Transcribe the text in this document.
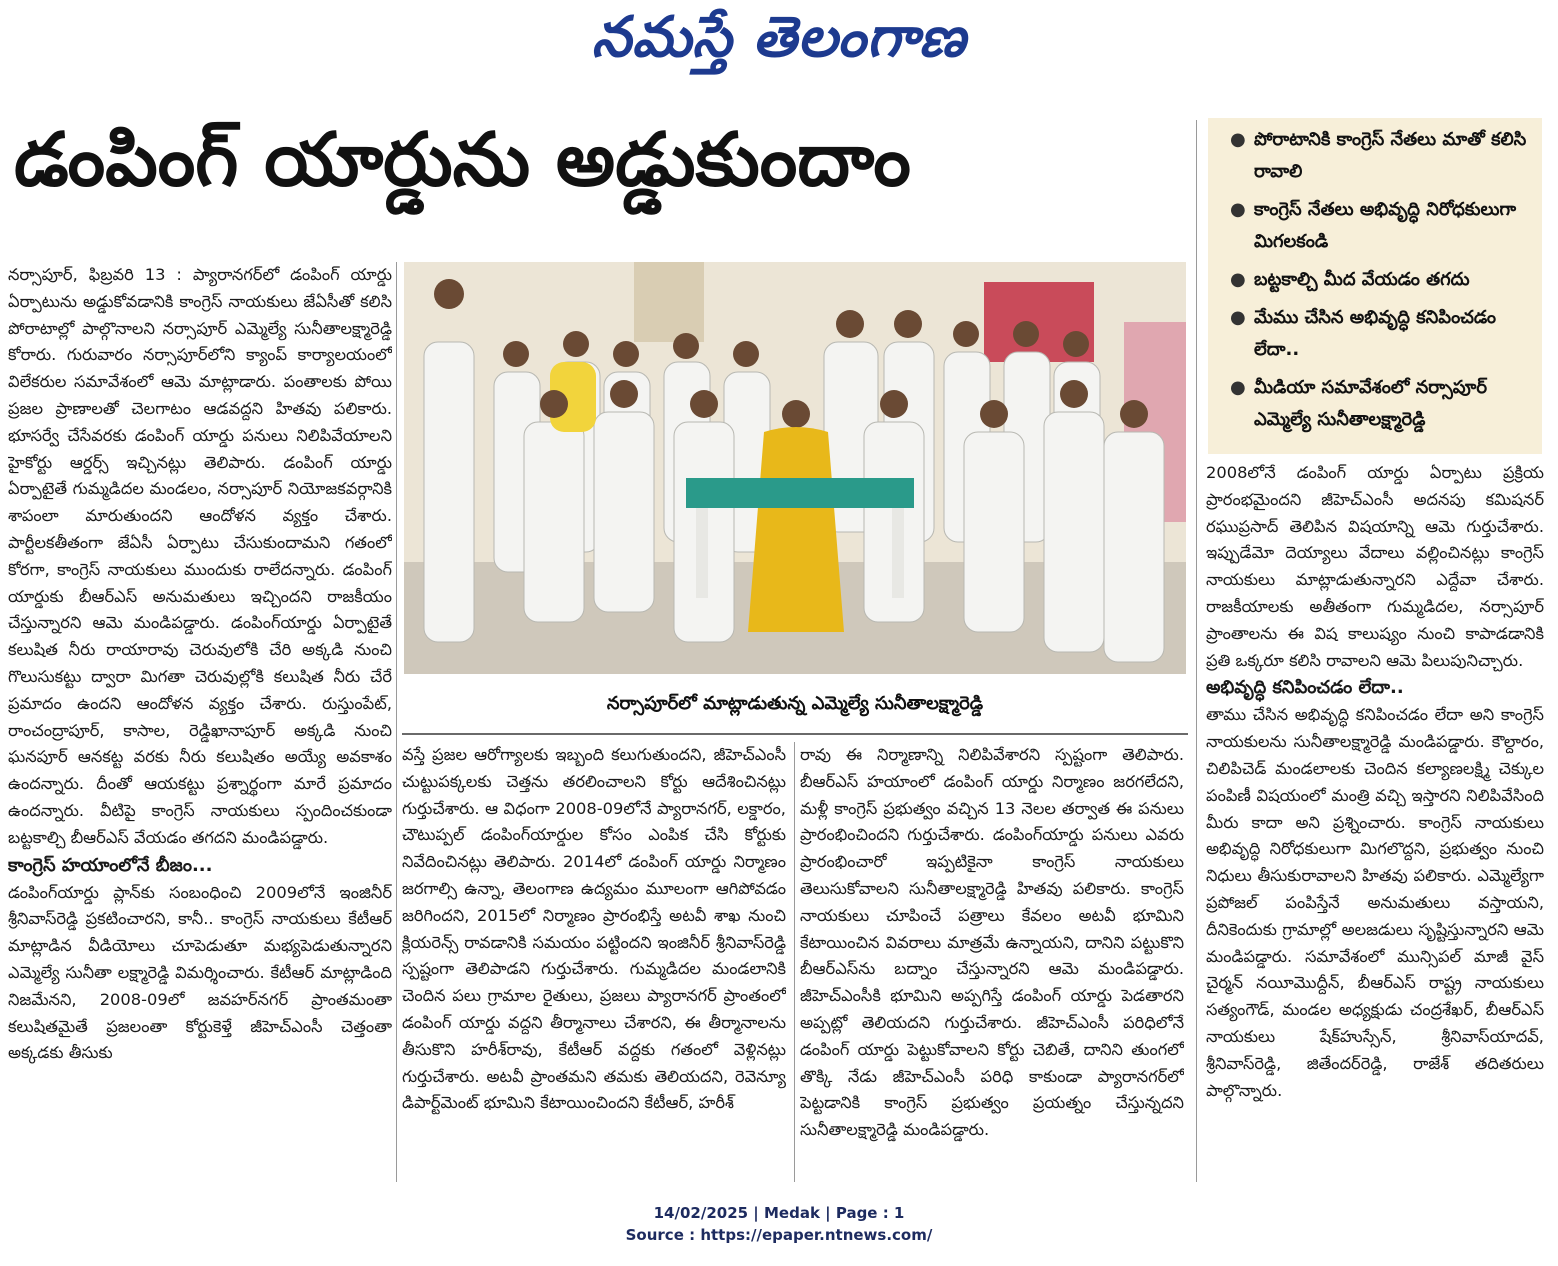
నమస్తే తెలంగాణ
డంపింగ్ యార్డును అడ్డుకుందాం	● పోరాటానికి కాంగ్రెస్ నేతలు మాతో కలిసి రావాలి
● కాంగ్రెస్ నేతలు అభివృద్ధి నిరోధకులుగా మిగలకండి
● బట్టకాల్చి మీద వేయడం తగదు
● మేము చేసిన అభివృద్ధి కనిపించడం లేదా..
● మీడియా సమావేశంలో నర్సాపూర్ ఎమ్మెల్యే సునీతాలక్ష్మారెడ్డి

నర్సాపూర్, ఫిబ్రవరి 13 : ప్యారానగర్‌లో డంపింగ్ యార్డు ఏర్పాటును అడ్డుకోవడానికి కాంగ్రెస్ నాయకులు జేఏసీతో కలిసి పోరాటాల్లో పాల్గొనాలని నర్సాపూర్ ఎమ్మెల్యే సునీతాలక్ష్మారెడ్డి కోరారు. గురువారం నర్సాపూర్‌లోని క్యాంప్ కార్యాలయంలో విలేకరుల సమావేశంలో ఆమె మాట్లాడారు. పంతాలకు పోయి ప్రజల ప్రాణాలతో చెలగాటం ఆడవద్దని హితవు పలికారు. భూసర్వే చేసేవరకు డంపింగ్ యార్డు పనులు నిలిపివేయాలని హైకోర్టు ఆర్డర్స్ ఇచ్చినట్లు తెలిపారు. డంపింగ్ యార్డు ఏర్పాటైతే గుమ్మడిదల మండలం, నర్సాపూర్ నియోజకవర్గానికి శాపంలా మారుతుందని ఆందోళన వ్యక్తం చేశారు. పార్టీలకతీతంగా జేఏసీ ఏర్పాటు చేసుకుందామని గతంలో కోరగా, కాంగ్రెస్ నాయకులు ముందుకు రాలేదన్నారు. డంపింగ్ యార్డుకు బీఆర్ఎస్ అనుమతులు ఇచ్చిందని రాజకీయం చేస్తున్నారని ఆమె మండిపడ్డారు. డంపింగ్‌యార్డు ఏర్పాటైతే కలుషిత నీరు రాయారావు చెరువులోకి చేరి అక్కడి నుంచి గొలుసుకట్టు ద్వారా మిగతా చెరువుల్లోకి కలుషిత నీరు చేరే ప్రమాదం ఉందని ఆందోళన వ్యక్తం చేశారు. రుస్తుంపేట్, రాంచంద్రాపూర్, కాసాల, రెడ్డిఖానాపూర్ అక్కడి నుంచి ఘనపూర్ ఆనకట్ట వరకు నీరు కలుషితం అయ్యే అవకాశం ఉందన్నారు. దీంతో ఆయకట్టు ప్రశ్నార్థంగా మారే ప్రమాదం ఉందన్నారు. వీటిపై కాంగ్రెస్ నాయకులు స్పందించకుండా బట్టకాల్చి బీఆర్ఎస్ వేయడం తగదని మండిపడ్డారు.

కాంగ్రెస్ హయాంలోనే బీజం...

డంపింగ్‌యార్డు ప్లాన్‌కు సంబంధించి 2009లోనే ఇంజినీర్ శ్రీనివాస్‌రెడ్డి ప్రకటించారని, కానీ.. కాంగ్రెస్ నాయకులు కేటీఆర్ మాట్లాడిన వీడియోలు చూపెడుతూ మభ్యపెడుతున్నారని ఎమ్మెల్యే సునీతా లక్ష్మారెడ్డి విమర్శించారు. కేటీఆర్ మాట్లాడింది నిజమేనని, 2008-09లో జవహర్‌నగర్ ప్రాంతమంతా కలుషితమైతే ప్రజలంతా కోర్టుకెళ్తే జీహెచ్‌ఎంసీ చెత్తంతా అక్కడకు తీసుకు

నర్సాపూర్‌లో మాట్లాడుతున్న ఎమ్మెల్యే సునీతాలక్ష్మారెడ్డి

వస్తే ప్రజల ఆరోగ్యాలకు ఇబ్బంది కలుగుతుందని, జీహెచ్‌ఎంసీ చుట్టుపక్కలకు చెత్తను తరలించాలని కోర్టు ఆదేశించినట్లు గుర్తుచేశారు. ఆ విధంగా 2008-09లోనే ప్యారానగర్, లక్డారం, చౌటుప్పల్ డంపింగ్‌యార్డుల కోసం ఎంపిక చేసి కోర్టుకు నివేదించినట్లు తెలిపారు. 2014లో డంపింగ్ యార్డు నిర్మాణం జరగాల్సి ఉన్నా, తెలంగాణ ఉద్యమం మూలంగా ఆగిపోవడం జరిగిందని, 2015లో నిర్మాణం ప్రారంభిస్తే అటవీ శాఖ నుంచి క్లియరెన్స్ రావడానికి సమయం పట్టిందని ఇంజినీర్ శ్రీనివాస్‌రెడ్డి స్పష్టంగా తెలిపాడని గుర్తుచేశారు. గుమ్మడిదల మండలానికి చెందిన పలు గ్రామాల రైతులు, ప్రజలు ప్యారానగర్ ప్రాంతంలో డంపింగ్ యార్డు వద్దని తీర్మానాలు చేశారని, ఈ తీర్మానాలను తీసుకొని హరీశ్‌రావు, కేటీఆర్ వద్దకు గతంలో వెళ్లినట్లు గుర్తుచేశారు. అటవీ ప్రాంతమని తమకు తెలియదని, రెవెన్యూ డిపార్ట్‌మెంట్ భూమిని కేటాయించిందని కేటీఆర్, హరీశ్

రావు ఈ నిర్మాణాన్ని నిలిపివేశారని స్పష్టంగా తెలిపారు. బీఆర్ఎస్ హయాంలో డంపింగ్ యార్డు నిర్మాణం జరగలేదని, మళ్లీ కాంగ్రెస్ ప్రభుత్వం వచ్చిన 13 నెలల తర్వాత ఈ పనులు ప్రారంభించిందని గుర్తుచేశారు. డంపింగ్‌యార్డు పనులు ఎవరు ప్రారంభించారో ఇప్పటికైనా కాంగ్రెస్ నాయకులు తెలుసుకోవాలని సునీతాలక్ష్మారెడ్డి హితవు పలికారు. కాంగ్రెస్ నాయకులు చూపించే పత్రాలు కేవలం అటవీ భూమిని కేటాయించిన వివరాలు మాత్రమే ఉన్నాయని, దానిని పట్టుకొని బీఆర్ఎస్‌ను బద్నాం చేస్తున్నారని ఆమె మండిపడ్డారు. జీహెచ్‌ఎంసీకి భూమిని అప్పగిస్తే డంపింగ్ యార్డు పెడతారని అప్పట్లో తెలియదని గుర్తుచేశారు. జీహెచ్‌ఎంసీ పరిధిలోనే డంపింగ్ యార్డు పెట్టుకోవాలని కోర్టు చెబితే, దానిని తుంగలో తొక్కి నేడు జీహెచ్‌ఎంసీ పరిధి కాకుండా ప్యారానగర్‌లో పెట్టడానికి కాంగ్రెస్ ప్రభుత్వం ప్రయత్నం చేస్తున్నదని సునీతాలక్ష్మారెడ్డి మండిపడ్డారు.

2008లోనే డంపింగ్ యార్డు ఏర్పాటు ప్రక్రియ ప్రారంభమైందని జీహెచ్‌ఎంసీ అదనపు కమిషనర్ రఘుప్రసాద్ తెలిపిన విషయాన్ని ఆమె గుర్తుచేశారు. ఇప్పుడేమో దెయ్యాలు వేదాలు వల్లించినట్లు కాంగ్రెస్ నాయకులు మాట్లాడుతున్నారని ఎద్దేవా చేశారు. రాజకీయాలకు అతీతంగా గుమ్మడిదల, నర్సాపూర్ ప్రాంతాలను ఈ విష కాలుష్యం నుంచి కాపాడడానికి ప్రతి ఒక్కరూ కలిసి రావాలని ఆమె పిలుపునిచ్చారు.

అభివృద్ధి కనిపించడం లేదా..

తాము చేసిన అభివృద్ధి కనిపించడం లేదా అని కాంగ్రెస్ నాయకులను సునీతాలక్ష్మారెడ్డి మండిపడ్డారు. కౌల్దారం, చిలిపిచెడ్ మండలాలకు చెందిన కల్యాణలక్ష్మి చెక్కుల పంపిణీ విషయంలో మంత్రి వచ్చి ఇస్తారని నిలిపివేసింది మీరు కాదా అని ప్రశ్నించారు. కాంగ్రెస్ నాయకులు అభివృద్ధి నిరోధకులుగా మిగలొద్దని, ప్రభుత్వం నుంచి నిధులు తీసుకురావాలని హితవు పలికారు. ఎమ్మెల్యేగా ప్రపోజల్ పంపిస్తేనే అనుమతులు వస్తాయని, దీనికెందుకు గ్రామాల్లో అలజడులు సృష్టిస్తున్నారని ఆమె మండిపడ్డారు. సమావేశంలో మున్సిపల్ మాజీ వైస్ చైర్మన్ నయీమొద్దీన్, బీఆర్ఎస్ రాష్ట్ర నాయకులు సత్యంగౌడ్, మండల అధ్యక్షుడు చంద్రశేఖర్, బీఆర్ఎస్ నాయకులు షేక్‌హుస్సేన్, శ్రీనివాస్‌యాదవ్, శ్రీనివాస్‌రెడ్డి, జితేందర్‌రెడ్డి, రాజేశ్ తదితరులు పాల్గొన్నారు.

14/02/2025 | Medak | Page : 1
Source : https://epaper.ntnews.com/
